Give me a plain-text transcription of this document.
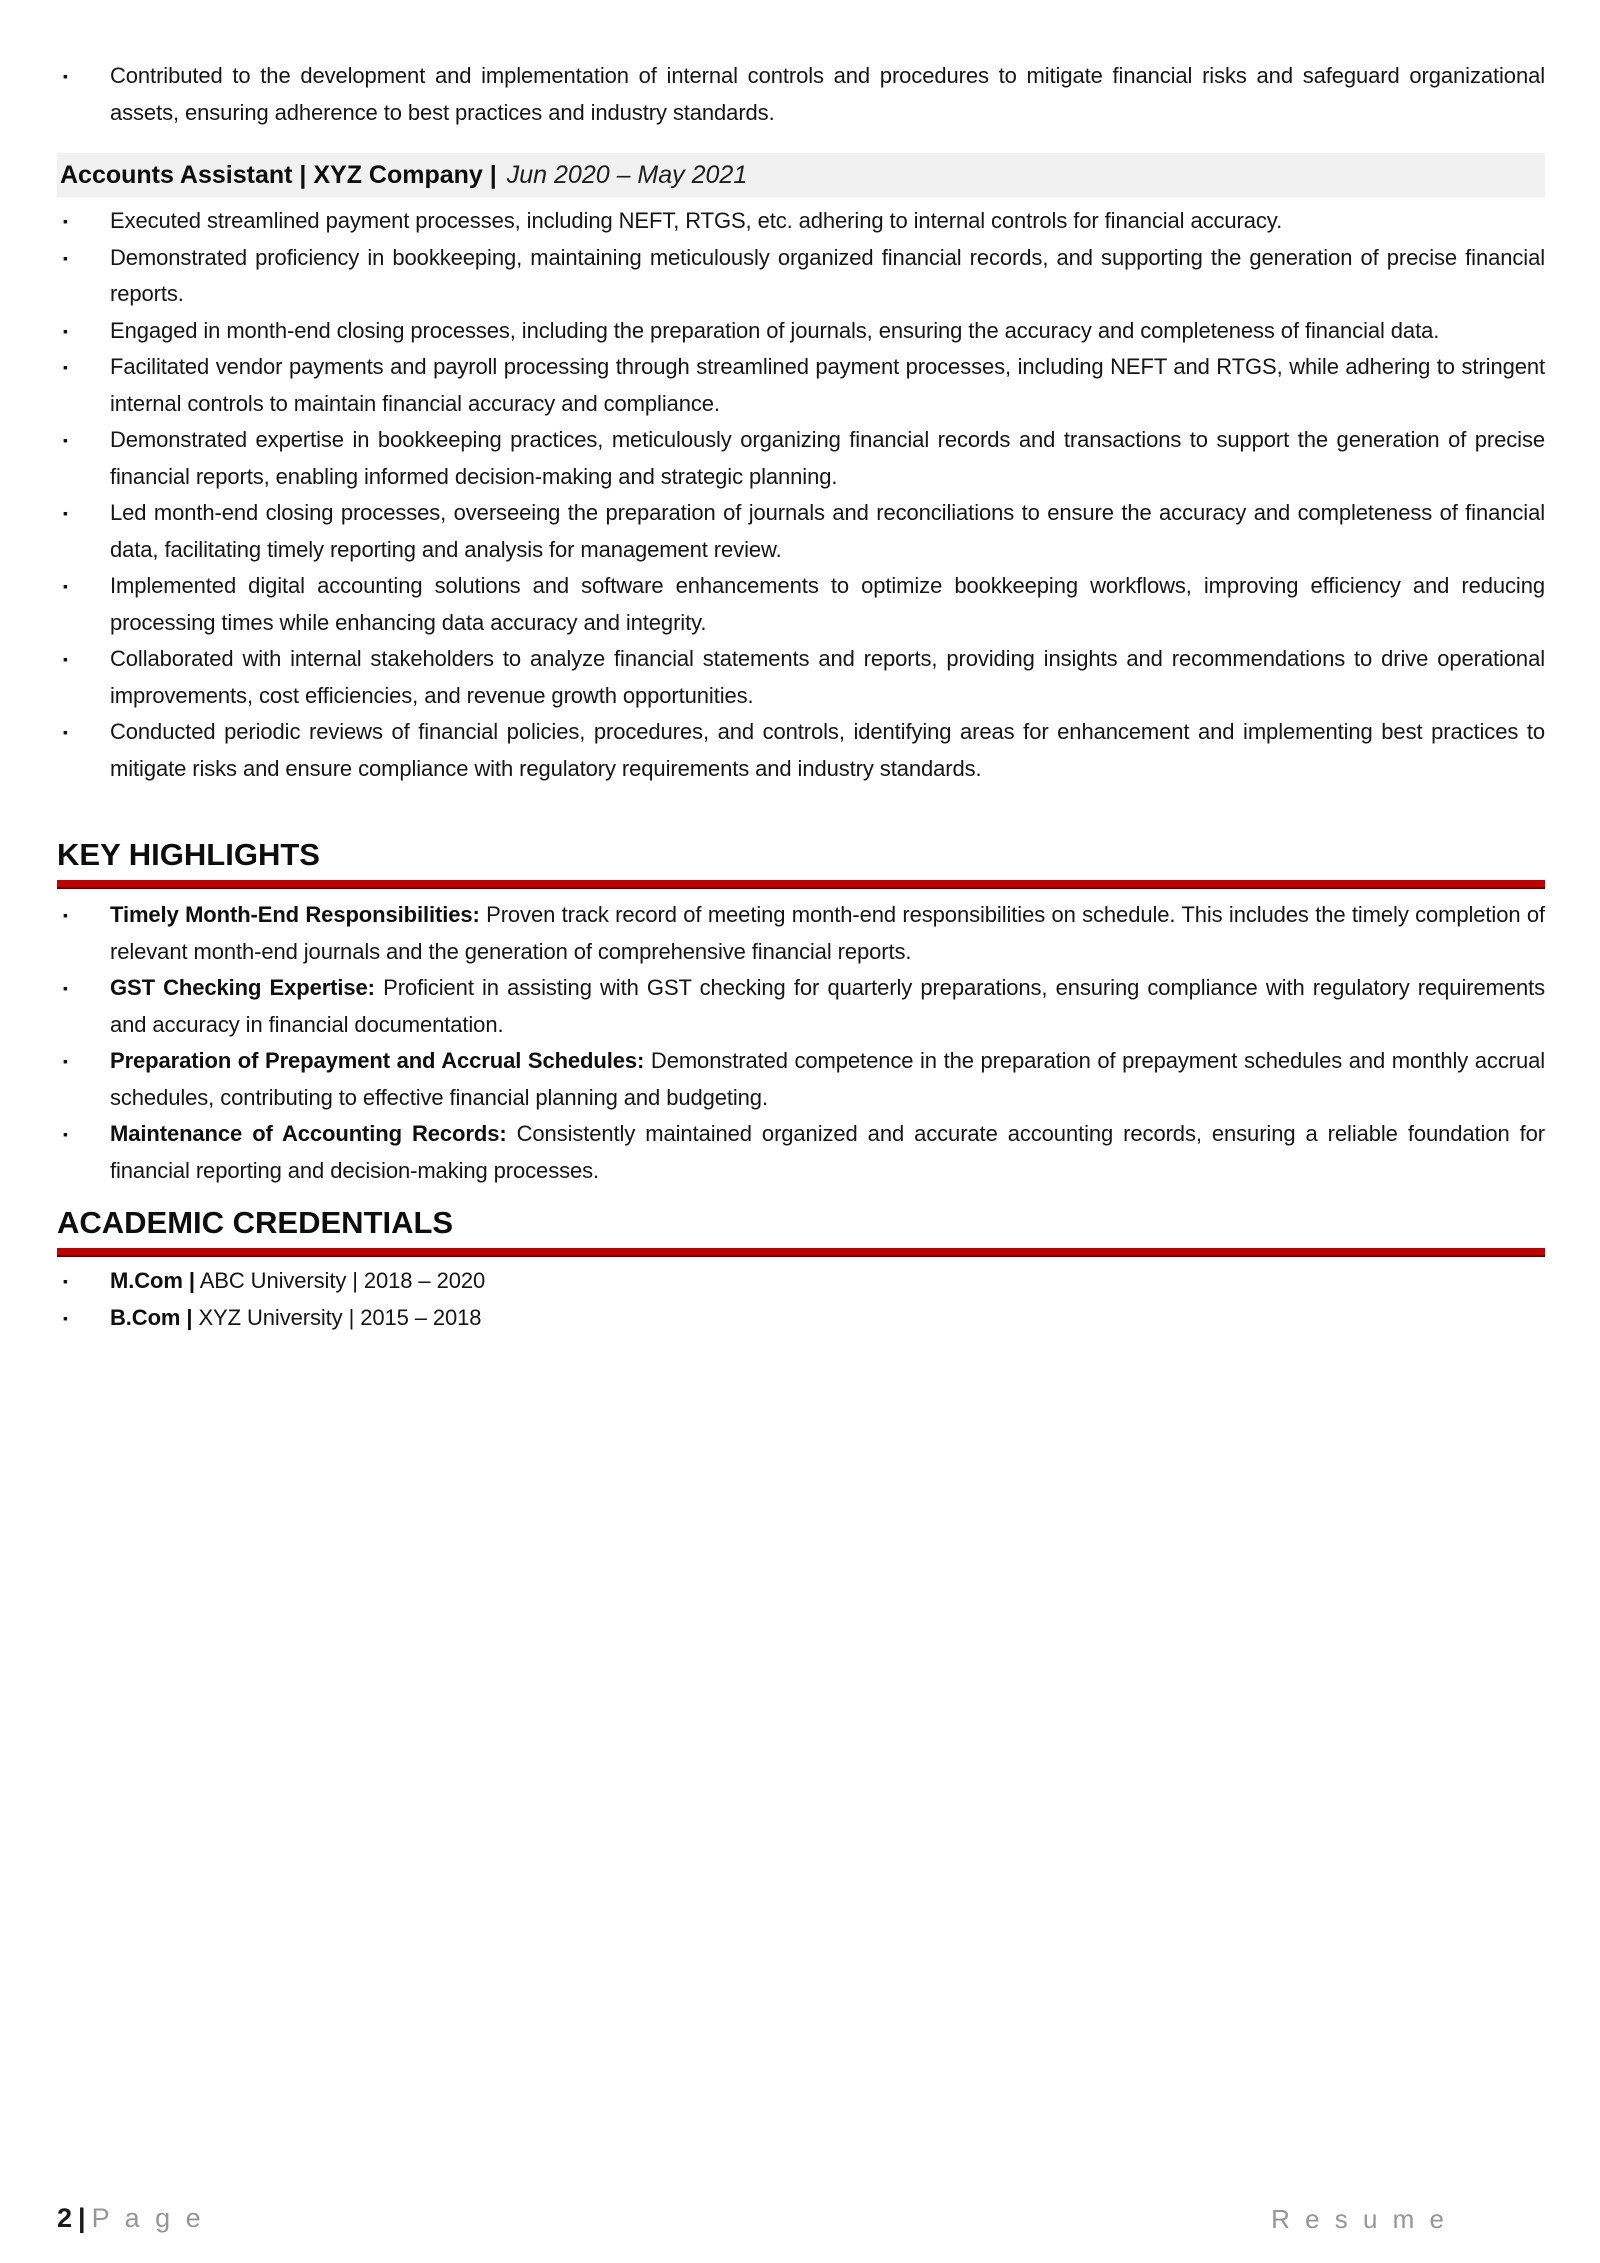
▪ Contributed to the development and implementation of internal controls and procedures to mitigate financial risks and safeguard organizational assets, ensuring adherence to best practices and industry standards.
Accounts Assistant | XYZ Company | Jun 2020 – May 2021
▪ Executed streamlined payment processes, including NEFT, RTGS, etc. adhering to internal controls for financial accuracy.
▪ Demonstrated proficiency in bookkeeping, maintaining meticulously organized financial records, and supporting the generation of precise financial reports.
▪ Engaged in month-end closing processes, including the preparation of journals, ensuring the accuracy and completeness of financial data.
▪ Facilitated vendor payments and payroll processing through streamlined payment processes, including NEFT and RTGS, while adhering to stringent internal controls to maintain financial accuracy and compliance.
▪ Demonstrated expertise in bookkeeping practices, meticulously organizing financial records and transactions to support the generation of precise financial reports, enabling informed decision-making and strategic planning.
▪ Led month-end closing processes, overseeing the preparation of journals and reconciliations to ensure the accuracy and completeness of financial data, facilitating timely reporting and analysis for management review.
▪ Implemented digital accounting solutions and software enhancements to optimize bookkeeping workflows, improving efficiency and reducing processing times while enhancing data accuracy and integrity.
▪ Collaborated with internal stakeholders to analyze financial statements and reports, providing insights and recommendations to drive operational improvements, cost efficiencies, and revenue growth opportunities.
▪ Conducted periodic reviews of financial policies, procedures, and controls, identifying areas for enhancement and implementing best practices to mitigate risks and ensure compliance with regulatory requirements and industry standards.
KEY HIGHLIGHTS
▪ Timely Month-End Responsibilities: Proven track record of meeting month-end responsibilities on schedule. This includes the timely completion of relevant month-end journals and the generation of comprehensive financial reports.
▪ GST Checking Expertise: Proficient in assisting with GST checking for quarterly preparations, ensuring compliance with regulatory requirements and accuracy in financial documentation.
▪ Preparation of Prepayment and Accrual Schedules: Demonstrated competence in the preparation of prepayment schedules and monthly accrual schedules, contributing to effective financial planning and budgeting.
▪ Maintenance of Accounting Records: Consistently maintained organized and accurate accounting records, ensuring a reliable foundation for financial reporting and decision-making processes.
ACADEMIC CREDENTIALS
▪ M.Com | ABC University | 2018 – 2020
▪ B.Com | XYZ University | 2015 – 2018
2 | P a g e	R e s u m e
